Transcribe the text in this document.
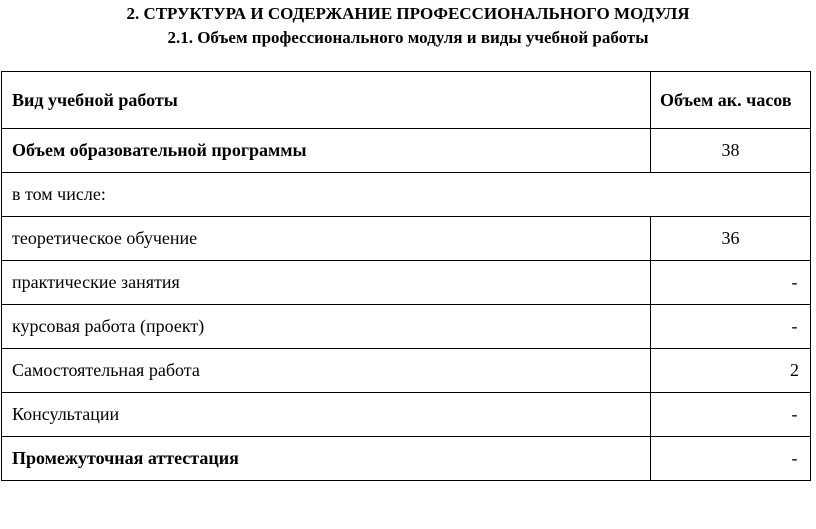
2. СТРУКТУРА И СОДЕРЖАНИЕ ПРОФЕССИОНАЛЬНОГО МОДУЛЯ
2.1. Объем профессионального модуля и виды учебной работы
Вид учебной работы	Объем ак. часов
Объем образовательной программы	38
в том числе:	
теоретическое обучение	36
практические занятия	-
курсовая работа (проект)	-
Самостоятельная работа	2
Консультации	-
Промежуточная аттестация	-
